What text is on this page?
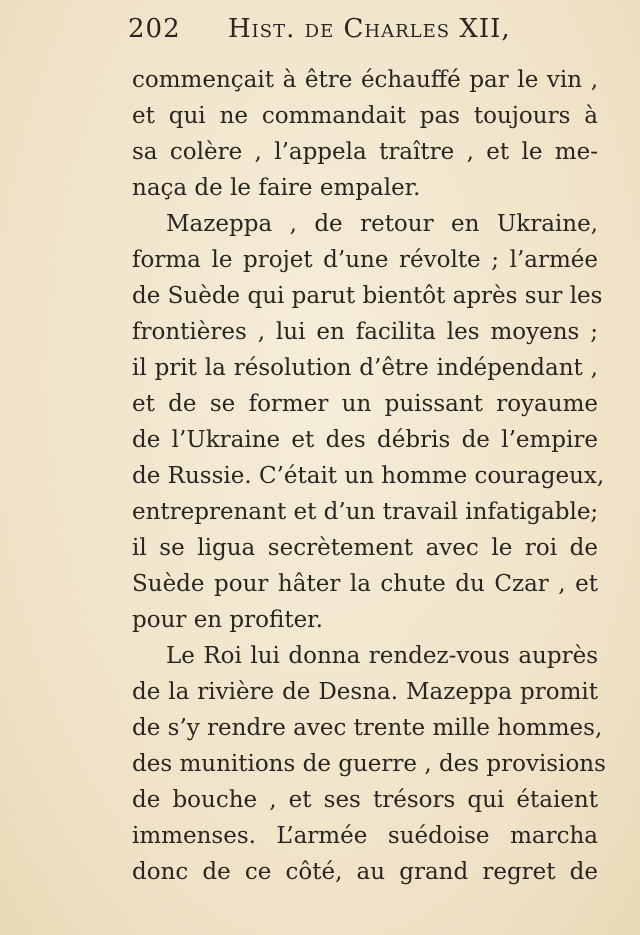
202 Hist. de Charles XII,
commençait à être échauffé par le vin ,
et qui ne commandait pas toujours à
sa colère , l’appela traître , et le me-
naça de le faire empaler.
Mazeppa , de retour en Ukraine,
forma le projet d’une révolte ; l’armée
de Suède qui parut bientôt après sur les
frontières , lui en facilita les moyens ;
il prit la résolution d’être indépendant ,
et de se former un puissant royaume
de l’Ukraine et des débris de l’empire
de Russie. C’était un homme courageux,
entreprenant et d’un travail infatigable;
il se ligua secrètement avec le roi de
Suède pour hâter la chute du Czar , et
pour en profiter.
Le Roi lui donna rendez-vous auprès
de la rivière de Desna. Mazeppa promit
de s’y rendre avec trente mille hommes,
des munitions de guerre , des provisions
de bouche , et ses trésors qui étaient
immenses. L’armée suédoise marcha
donc de ce côté, au grand regret de
